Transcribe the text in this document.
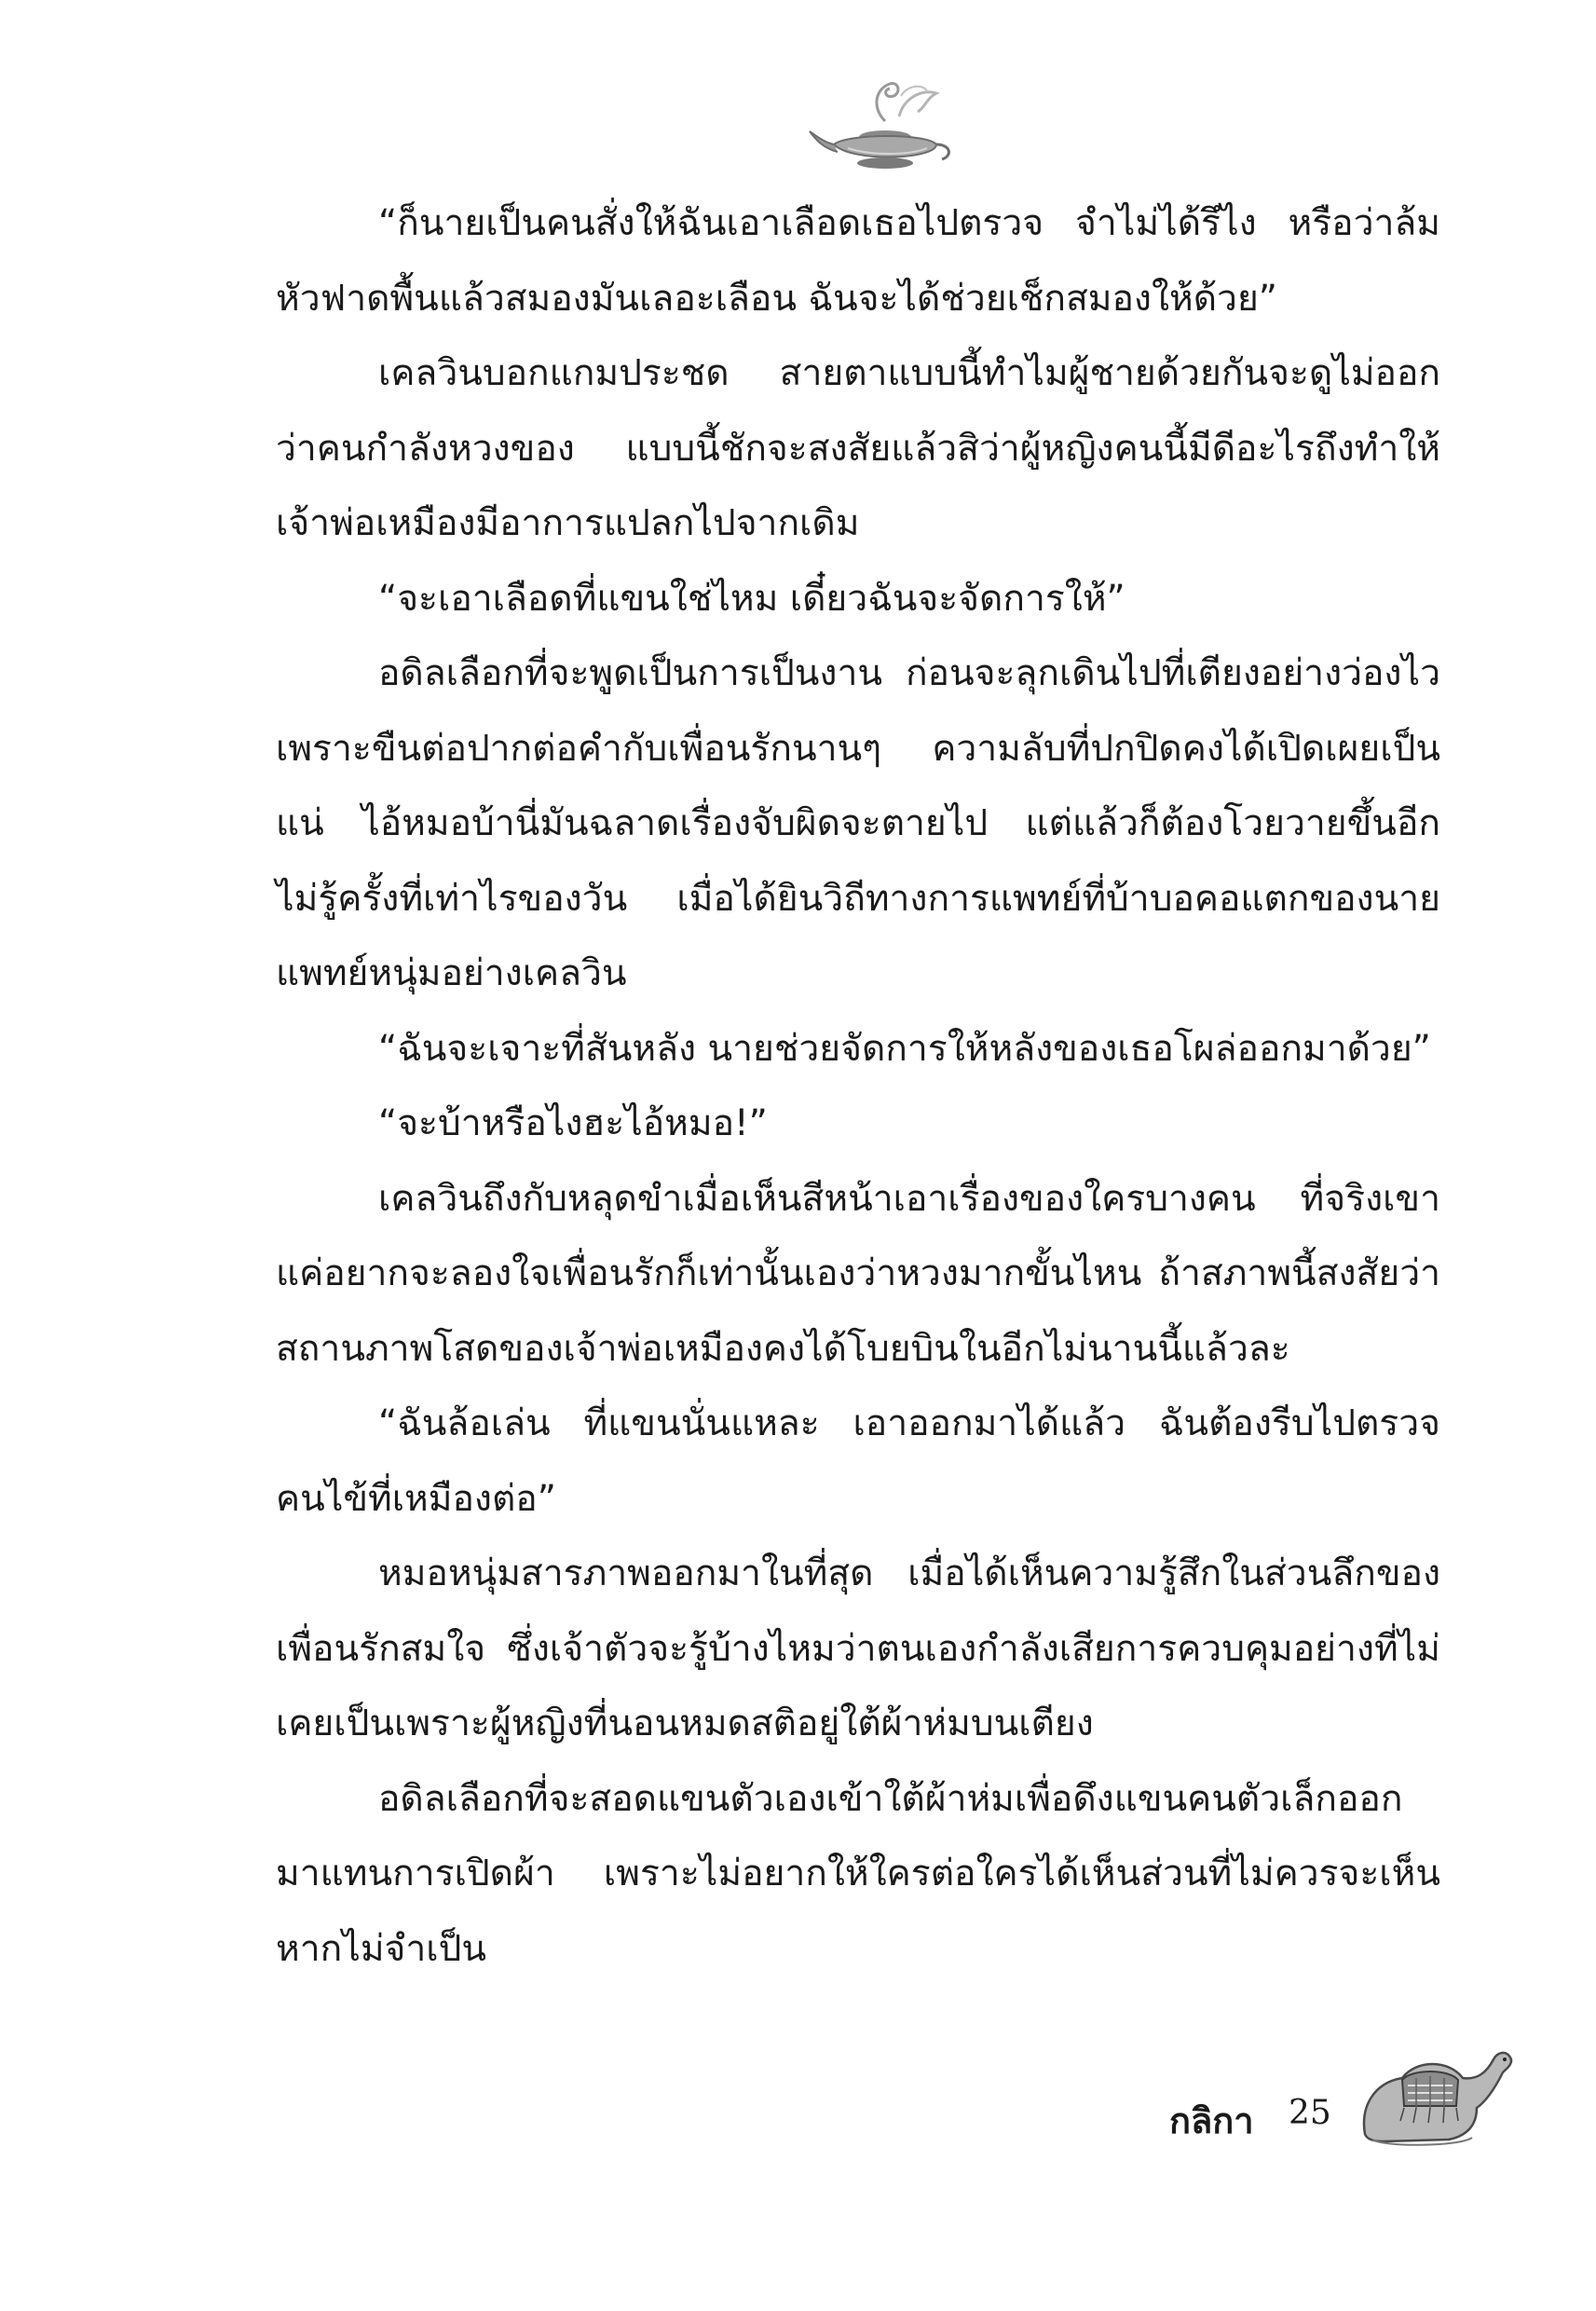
“ก็นายเป็นคนสั่งให้ฉันเอาเลือดเธอไปตรวจ จำไม่ได้รึไง หรือว่าล้มหัวฟาดพื้นแล้วสมองมันเลอะเลือน ฉันจะได้ช่วยเช็กสมองให้ด้วย”

เคลวินบอกแกมประชด สายตาแบบนี้ทำไมผู้ชายด้วยกันจะดูไม่ออกว่าคนกำลังหวงของ แบบนี้ชักจะสงสัยแล้วสิว่าผู้หญิงคนนี้มีดีอะไรถึงทำให้เจ้าพ่อเหมืองมีอาการแปลกไปจากเดิม

“จะเอาเลือดที่แขนใช่ไหม เดี๋ยวฉันจะจัดการให้”

อดิลเลือกที่จะพูดเป็นการเป็นงาน ก่อนจะลุกเดินไปที่เตียงอย่างว่องไว เพราะขืนต่อปากต่อคำกับเพื่อนรักนานๆ ความลับที่ปกปิดคงได้เปิดเผยเป็นแน่ ไอ้หมอบ้านี่มันฉลาดเรื่องจับผิดจะตายไป แต่แล้วก็ต้องโวยวายขึ้นอีกไม่รู้ครั้งที่เท่าไรของวัน เมื่อได้ยินวิถีทางการแพทย์ที่บ้าบอคอแตกของนายแพทย์หนุ่มอย่างเคลวิน

“ฉันจะเจาะที่สันหลัง นายช่วยจัดการให้หลังของเธอโผล่ออกมาด้วย”

“จะบ้าหรือไงฮะไอ้หมอ!”

เคลวินถึงกับหลุดขำเมื่อเห็นสีหน้าเอาเรื่องของใครบางคน ที่จริงเขาแค่อยากจะลองใจเพื่อนรักก็เท่านั้นเองว่าหวงมากขั้นไหน ถ้าสภาพนี้สงสัยว่าสถานภาพโสดของเจ้าพ่อเหมืองคงได้โบยบินในอีกไม่นานนี้แล้วละ

“ฉันล้อเล่น ที่แขนนั่นแหละ เอาออกมาได้แล้ว ฉันต้องรีบไปตรวจคนไข้ที่เหมืองต่อ”

หมอหนุ่มสารภาพออกมาในที่สุด เมื่อได้เห็นความรู้สึกในส่วนลึกของเพื่อนรักสมใจ ซึ่งเจ้าตัวจะรู้บ้างไหมว่าตนเองกำลังเสียการควบคุมอย่างที่ไม่เคยเป็นเพราะผู้หญิงที่นอนหมดสติอยู่ใต้ผ้าห่มบนเตียง

อดิลเลือกที่จะสอดแขนตัวเองเข้าใต้ผ้าห่มเพื่อดึงแขนคนตัวเล็กออกมาแทนการเปิดผ้า เพราะไม่อยากให้ใครต่อใครได้เห็นส่วนที่ไม่ควรจะเห็นหากไม่จำเป็น

กลิกา 25
